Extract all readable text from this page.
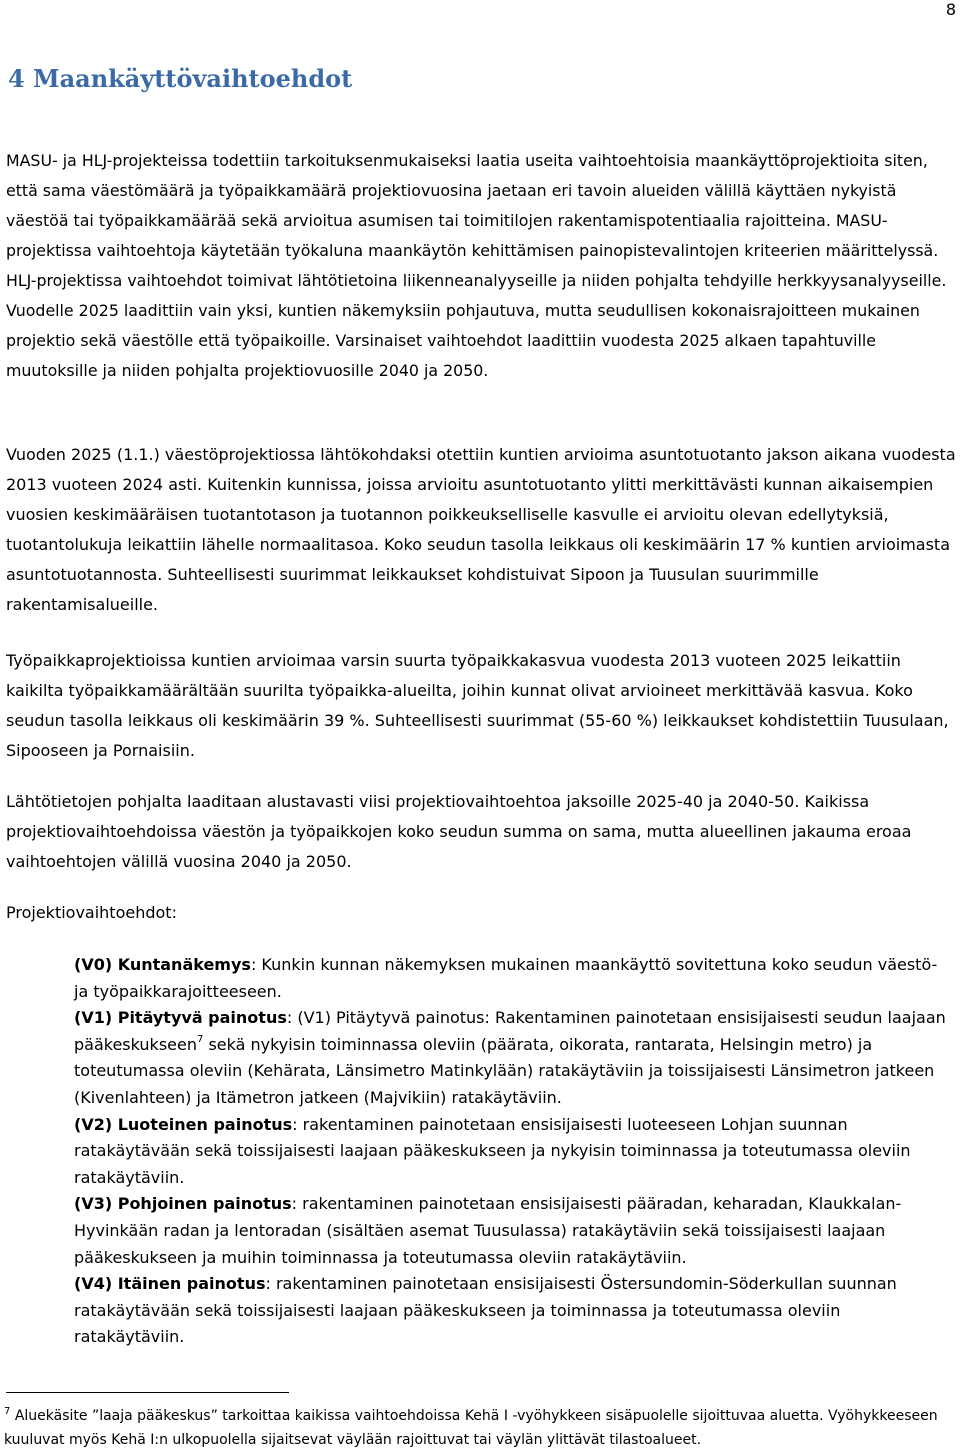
8
4 Maankäyttövaihtoehdot

MASU- ja HLJ-projekteissa todettiin tarkoituksenmukaiseksi laatia useita vaihtoehtoisia maankäyttöprojektioita siten, että sama väestömäärä ja työpaikkamäärä projektiovuosina jaetaan eri tavoin alueiden välillä käyttäen nykyistä väestöä tai työpaikkamäärää sekä arvioitua asumisen tai toimitilojen rakentamispotentiaalia rajoitteina. MASU-projektissa vaihtoehtoja käytetään työkaluna maankäytön kehittämisen painopistevalintojen kriteerien määrittelyssä. HLJ-projektissa vaihtoehdot toimivat lähtötietoina liikenneanalyyseille ja niiden pohjalta tehdyille herkkyysanalyyseille. Vuodelle 2025 laadittiin vain yksi, kuntien näkemyksiin pohjautuva, mutta seudullisen kokonaisrajoitteen mukainen projektio sekä väestölle että työpaikoille. Varsinaiset vaihtoehdot laadittiin vuodesta 2025 alkaen tapahtuville muutoksille ja niiden pohjalta projektiovuosille 2040 ja 2050.

Vuoden 2025 (1.1.) väestöprojektiossa lähtökohdaksi otettiin kuntien arvioima asuntotuotanto jakson aikana vuodesta 2013 vuoteen 2024 asti. Kuitenkin kunnissa, joissa arvioitu asuntotuotanto ylitti merkittävästi kunnan aikaisempien vuosien keskimääräisen tuotantotason ja tuotannon poikkeukselliselle kasvulle ei arvioitu olevan edellytyksiä, tuotantolukuja leikattiin lähelle normaalitasoa. Koko seudun tasolla leikkaus oli keskimäärin 17 % kuntien arvioimasta asuntotuotannosta. Suhteellisesti suurimmat leikkaukset kohdistuivat Sipoon ja Tuusulan suurimmille rakentamisalueille.

Työpaikkaprojektioissa kuntien arvioimaa varsin suurta työpaikkakasvua vuodesta 2013 vuoteen 2025 leikattiin kaikilta työpaikkamäärältään suurilta työpaikka-alueilta, joihin kunnat olivat arvioineet merkittävää kasvua. Koko seudun tasolla leikkaus oli keskimäärin 39 %. Suhteellisesti suurimmat (55-60 %) leikkaukset kohdistettiin Tuusulaan, Sipooseen ja Pornaisiin.

Lähtötietojen pohjalta laaditaan alustavasti viisi projektiovaihtoehtoa jaksoille 2025-40 ja 2040-50. Kaikissa projektiovaihtoehdoissa väestön ja työpaikkojen koko seudun summa on sama, mutta alueellinen jakauma eroaa vaihtoehtojen välillä vuosina 2040 ja 2050.

Projektiovaihtoehdot:

(V0) Kuntanäkemys: Kunkin kunnan näkemyksen mukainen maankäyttö sovitettuna koko seudun väestö- ja työpaikkarajoitteeseen.

(V1) Pitäytyvä painotus: (V1) Pitäytyvä painotus: Rakentaminen painotetaan ensisijaisesti seudun laajaan pääkeskukseen$^7$ sekä nykyisin toiminnassa oleviin (päärata, oikorata, rantarata, Helsingin metro) ja toteutumassa oleviin (Kehärata, Länsimetro Matinkylään) ratakäytäviin ja toissijaisesti Länsimetron jatkeen (Kivenlahteen) ja Itämetron jatkeen (Majvikiin) ratakäytäviin.

(V2) Luoteinen painotus: rakentaminen painotetaan ensisijaisesti luoteeseen Lohjan suunnan ratakäytävään sekä toissijaisesti laajaan pääkeskukseen ja nykyisin toiminnassa ja toteutumassa oleviin ratakäytäviin.

(V3) Pohjoinen painotus: rakentaminen painotetaan ensisijaisesti pääradan, keharadan, Klaukkalan-Hyvinkään radan ja lentoradan (sisältäen asemat Tuusulassa) ratakäytäviin sekä toissijaisesti laajaan pääkeskukseen ja muihin toiminnassa ja toteutumassa oleviin ratakäytäviin.

(V4) Itäinen painotus: rakentaminen painotetaan ensisijaisesti Östersundomin-Söderkullan suunnan ratakäytävään sekä toissijaisesti laajaan pääkeskukseen ja toiminnassa ja toteutumassa oleviin ratakäytäviin.

$^7$ Aluekäsite ”laaja pääkeskus” tarkoittaa kaikissa vaihtoehdoissa Kehä I -vyöhykkeen sisäpuolelle sijoittuvaa aluetta. Vyöhykkeeseen kuuluvat myös Kehä I:n ulkopuolella sijaitsevat väylään rajoittuvat tai väylän ylittävät tilastoalueet.
